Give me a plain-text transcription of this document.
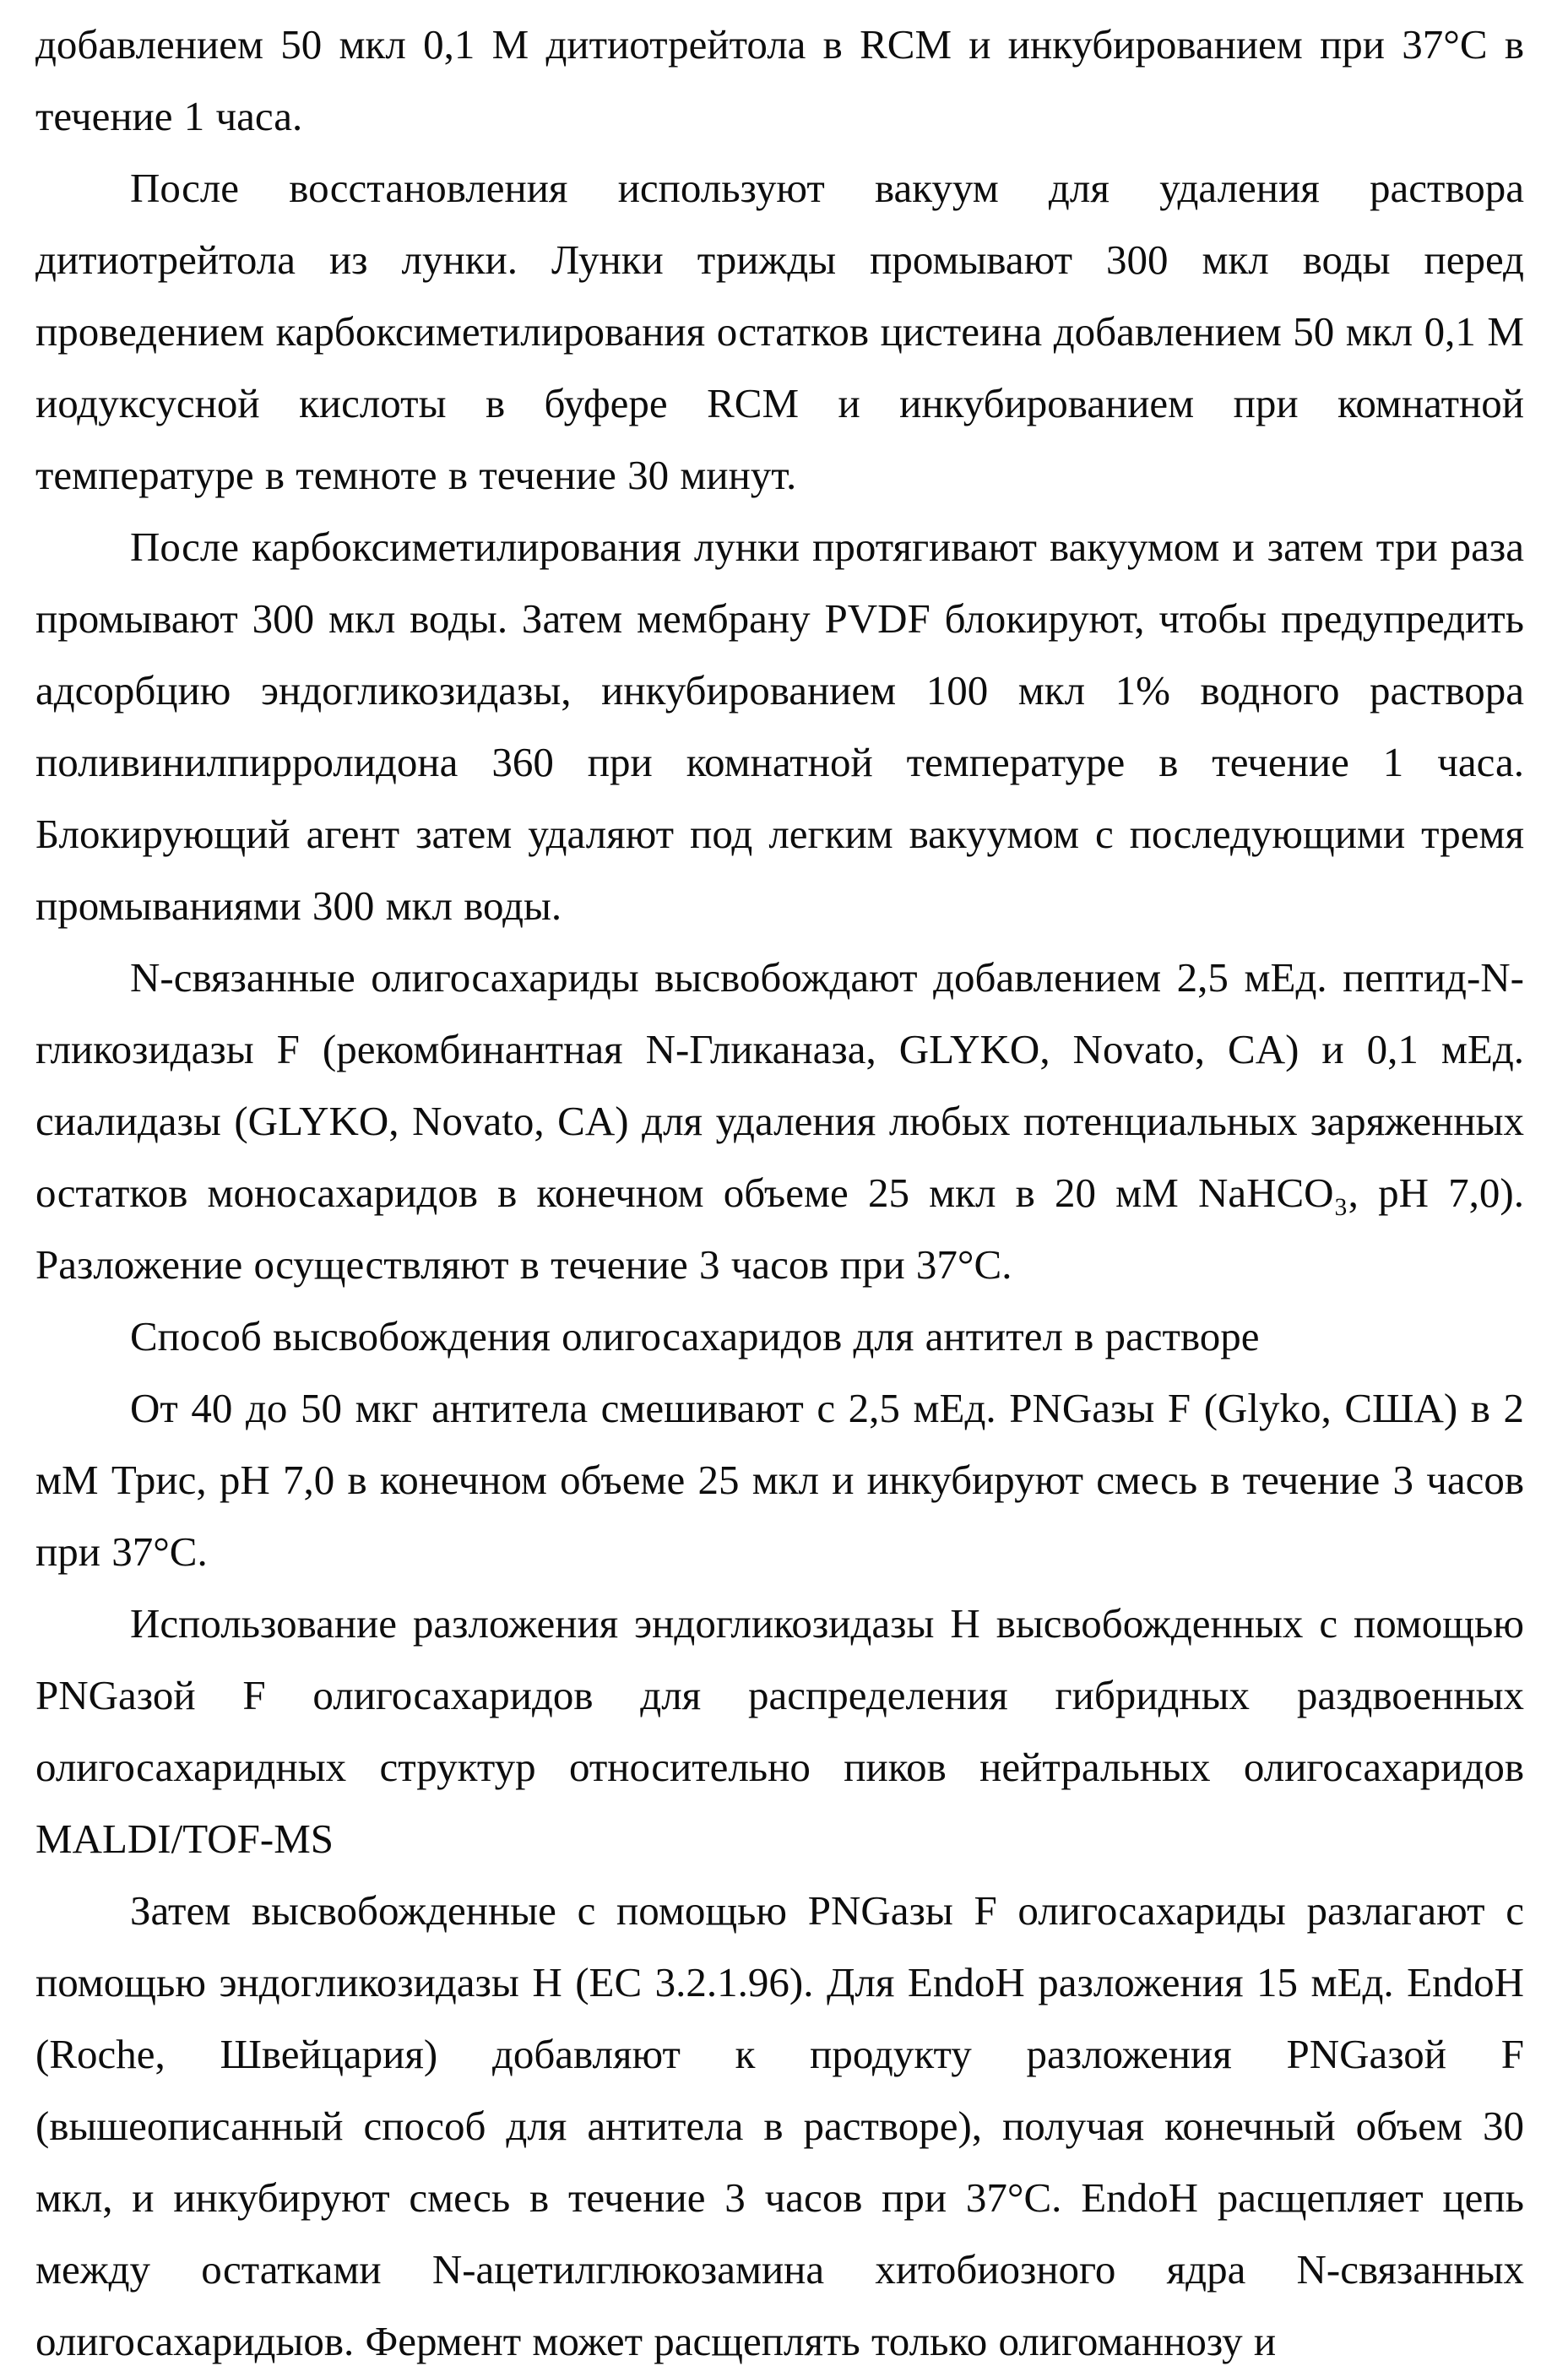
добавлением 50 мкл 0,1 М дитиотрейтола в RCM и инкубированием при 37°С в течение 1 часа.

После восстановления используют вакуум для удаления раствора дитиотрейтола из лунки. Лунки трижды промывают 300 мкл воды перед проведением карбоксиметилирования остатков цистеина добавлением 50 мкл 0,1 М иодуксусной кислоты в буфере RCM и инкубированием при комнатной температуре в темноте в течение 30 минут.

После карбоксиметилирования лунки протягивают вакуумом и затем три раза промывают 300 мкл воды. Затем мембрану PVDF блокируют, чтобы предупредить адсорбцию эндогликозидазы, инкубированием 100 мкл 1% водного раствора поливинилпирролидона 360 при комнатной температуре в течение 1 часа. Блокирующий агент затем удаляют под легким вакуумом с последующими тремя промываниями 300 мкл воды.

N-связанные олигосахариды высвобождают добавлением 2,5 мЕд. пептид-N-гликозидазы F (рекомбинантная N-Гликаназа, GLYKO, Novato, CA) и 0,1 мЕд. сиалидазы (GLYKO, Novato, CA) для удаления любых потенциальных заряженных остатков моносахаридов в конечном объеме 25 мкл в 20 мМ NaHCO₃, pH 7,0). Разложение осуществляют в течение 3 часов при 37°С.

Способ высвобождения олигосахаридов для антител в растворе

От 40 до 50 мкг антитела смешивают с 2,5 мЕд. PNGазы F (Glyko, США) в 2 мМ Трис, pH 7,0 в конечном объеме 25 мкл и инкубируют смесь в течение 3 часов при 37°С.

Использование разложения эндогликозидазы H высвобожденных с помощью PNGазой F олигосахаридов для распределения гибридных раздвоенных олигосахаридных структур относительно пиков нейтральных олигосахаридов MALDI/TOF-MS

Затем высвобожденные с помощью PNGазы F олигосахариды разлагают с помощью эндогликозидазы H (EC 3.2.1.96). Для EndoH разложения 15 мЕд. EndoH (Roche, Швейцария) добавляют к продукту разложения PNGазой F (вышеописанный способ для антитела в растворе), получая конечный объем 30 мкл, и инкубируют смесь в течение 3 часов при 37°С. EndoH расщепляет цепь между остатками N-ацетилглюкозамина хитобиозного ядра N-связанных олигосахаридыов. Фермент может расщеплять только олигоманнозу и
